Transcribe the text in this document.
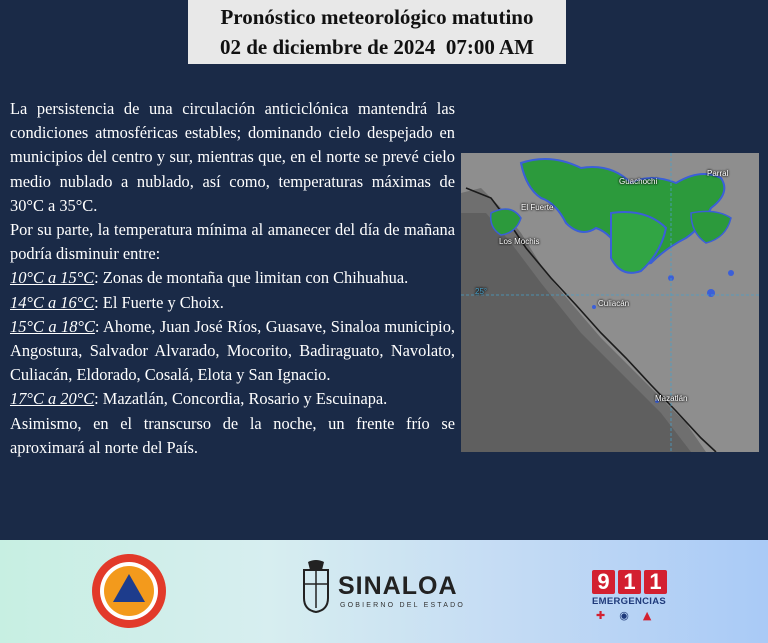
Pronóstico meteorológico matutino
02 de diciembre de 2024 07:00 AM

La persistencia de una circulación anticiclónica mantendrá las condiciones atmosféricas estables; dominando cielo despejado en municipios del centro y sur, mientras que, en el norte se prevé cielo medio nublado a nublado, así como, temperaturas máximas de 30°C a 35°C.

Por su parte, la temperatura mínima al amanecer del día de mañana podría disminuir entre:

10°C a 15°C: Zonas de montaña que limitan con Chihuahua.

14°C a 16°C: El Fuerte y Choix.

15°C a 18°C: Ahome, Juan José Ríos, Guasave, Sinaloa municipio, Angostura, Salvador Alvarado, Mocorito, Badiraguato, Navolato, Culiacán, Eldorado, Cosalá, Elota y San Ignacio.

17°C a 20°C: Mazatlán, Concordia, Rosario y Escuinapa.

Asimismo, en el transcurso de la noche, un frente frío se aproximará al norte del País.

Guachochi
Parral
El Fuerte
Los Mochis
Culiacán
Mazatlán
25°
SINALOA
GOBIERNO DEL ESTADO
9 1 1
EMERGENCIAS
✚ ◉ ▲
